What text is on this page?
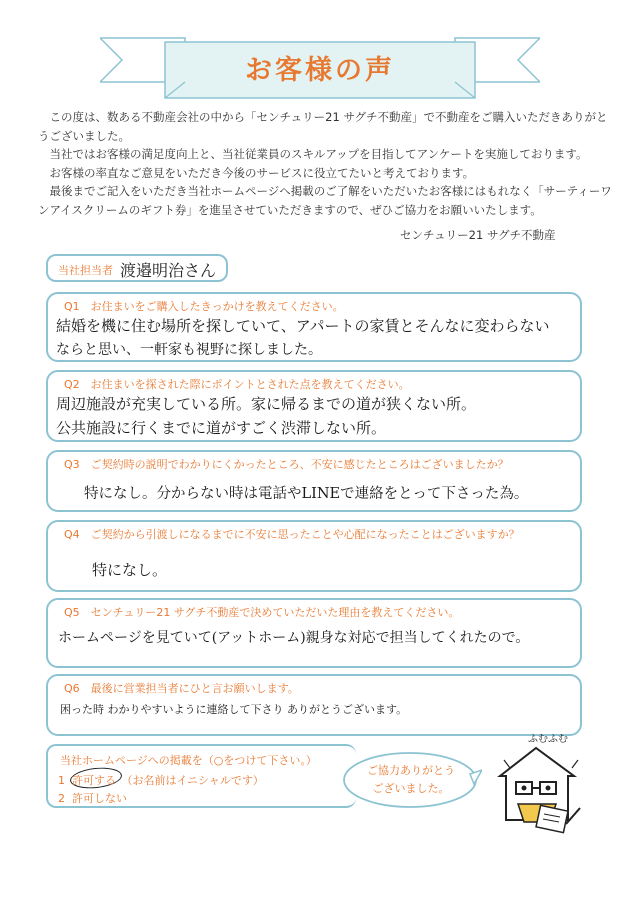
お客様の声

この度は、数ある不動産会社の中から「センチュリー21 サグチ不動産」で不動産をご購入いただきありがとうございました。

当社ではお客様の満足度向上と、当社従業員のスキルアップを目指してアンケートを実施しております。

お客様の率直なご意見をいただき今後のサービスに役立てたいと考えております。

最後までご記入をいただき当社ホームページへ掲載のご了解をいただいたお客様にはもれなく「サーティーワンアイスクリームのギフト券」を進呈させていただきますので、ぜひご協力をお願いいたします。

センチュリー21 サグチ不動産
当社担当者 渡邉明治さん
Q1　お住まいをご購入したきっかけを教えてください。
結婚を機に住む場所を探していて、アパートの家賃とそんなに変わらない
ならと思い、一軒家も視野に探しました。
Q2　お住まいを探された際にポイントとされた点を教えてください。
周辺施設が充実している所。家に帰るまでの道が狭くない所。
公共施設に行くまでに道がすごく渋滞しない所。
Q3　ご契約時の説明でわかりにくかったところ、不安に感じたところはございましたか？
特になし。分からない時は電話やLINEで連絡をとって下さった為。
Q4　ご契約から引渡しになるまでに不安に思ったことや心配になったことはございますか？
特になし。
Q5　センチュリー21 サグチ不動産で決めていただいた理由を教えてください。
ホームページを見ていて(アットホーム)親身な対応で担当してくれたので。
Q6　最後に営業担当者にひと言お願いします。
困った時 わかりやすいように連絡して下さり ありがとうございます。
当社ホームページへの掲載を（○をつけて下さい。）
1 許可する　（お名前はイニシャルです）
2 許可しない
ご協力ありがとう
ございました。
ふむふむ
